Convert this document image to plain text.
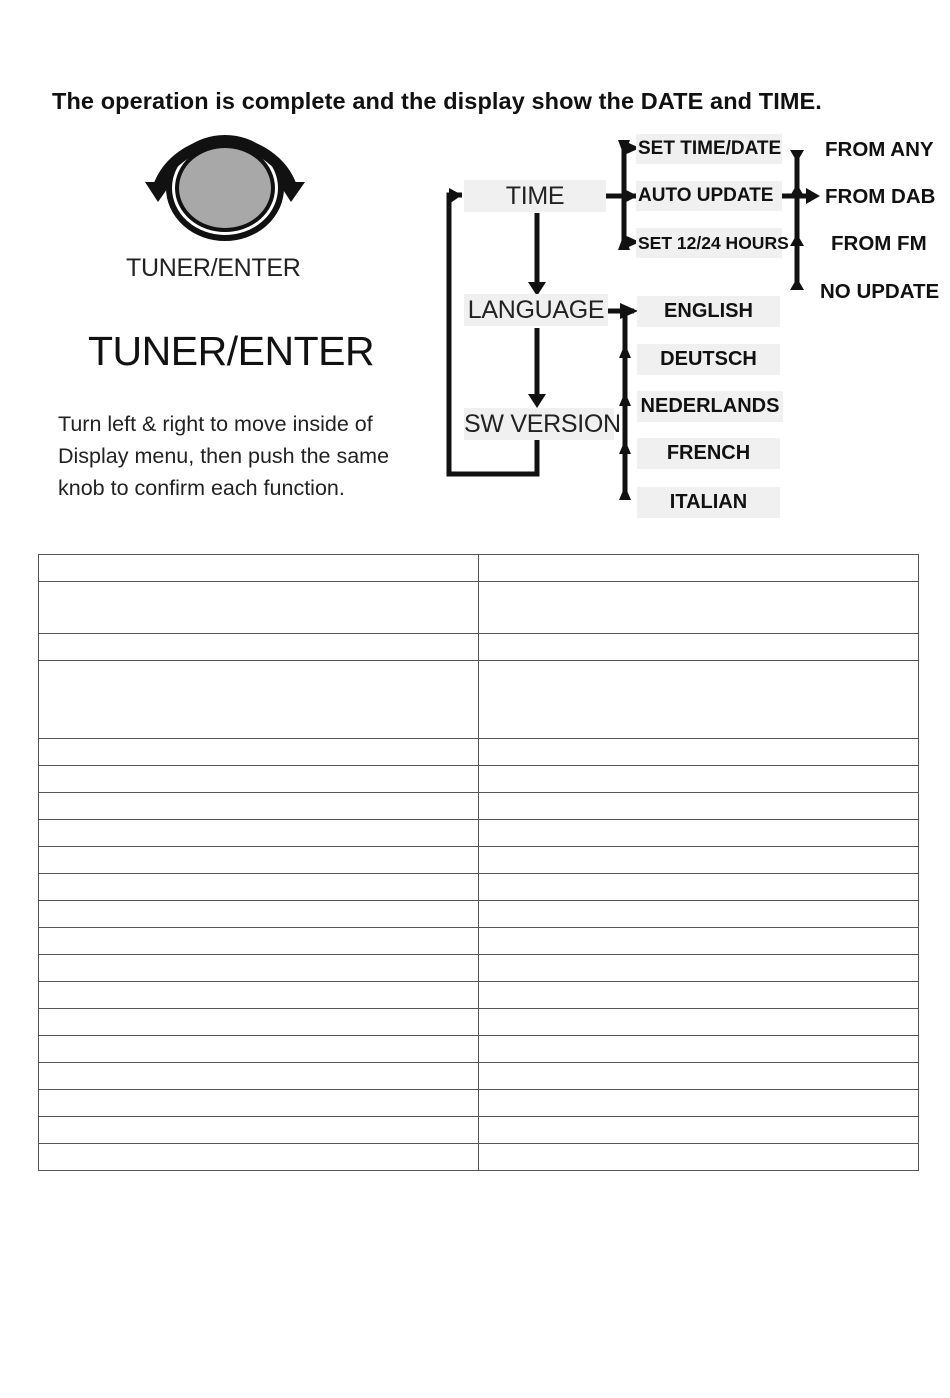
The operation is complete and the display show the DATE and TIME.
TUNER/ENTER
TUNER/ENTER
Turn left & right to move inside of
Display menu, then push the same
knob to confirm each function.
TIME
LANGUAGE
SW VERSION
SET TIME/DATE
AUTO UPDATE
SET 12/24 HOURS
FROM ANY
FROM DAB
FROM FM
NO UPDATE
ENGLISH
DEUTSCH
NEDERLANDS
FRENCH
ITALIAN
